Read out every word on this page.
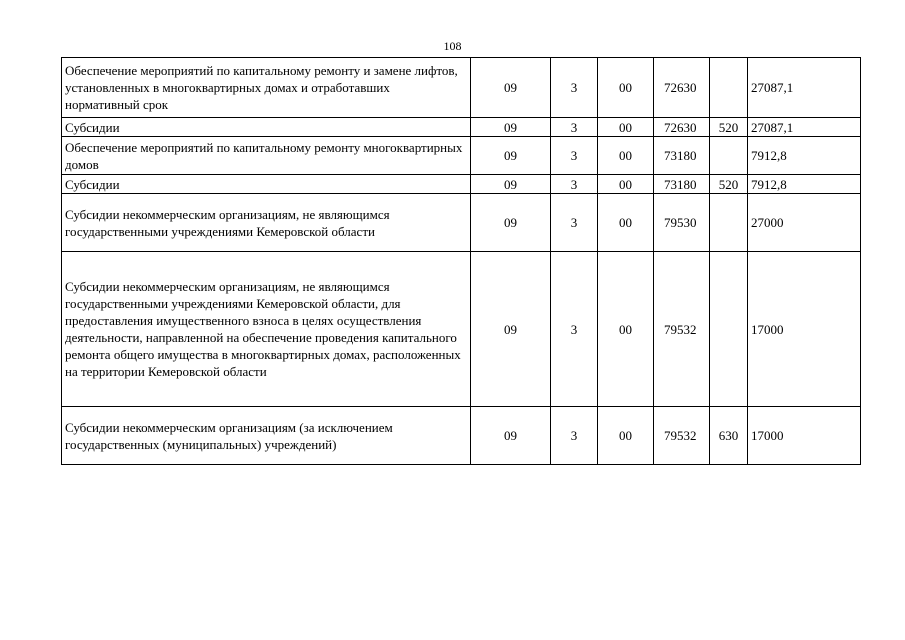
108
Обеспечение мероприятий по капитальному ремонту и замене лифтов, установленных в многоквартирных домах и отработавших нормативный срок	09	3	00	72630		27087,1
Субсидии	09	3	00	72630	520	27087,1
Обеспечение мероприятий по капитальному ремонту многоквартирных домов	09	3	00	73180		7912,8
Субсидии	09	3	00	73180	520	7912,8
Субсидии некоммерческим организациям, не являющимся государственными учреждениями Кемеровской области	09	3	00	79530		27000
Субсидии некоммерческим организациям, не являющимся государственными учреждениями Кемеровской области, для предоставления имущественного взноса в целях осуществления деятельности, направленной на обеспечение проведения капитального ремонта общего имущества в многоквартирных домах, расположенных на территории Кемеровской области	09	3	00	79532		17000
Субсидии некоммерческим организациям (за исключением государственных (муниципальных) учреждений)	09	3	00	79532	630	17000
